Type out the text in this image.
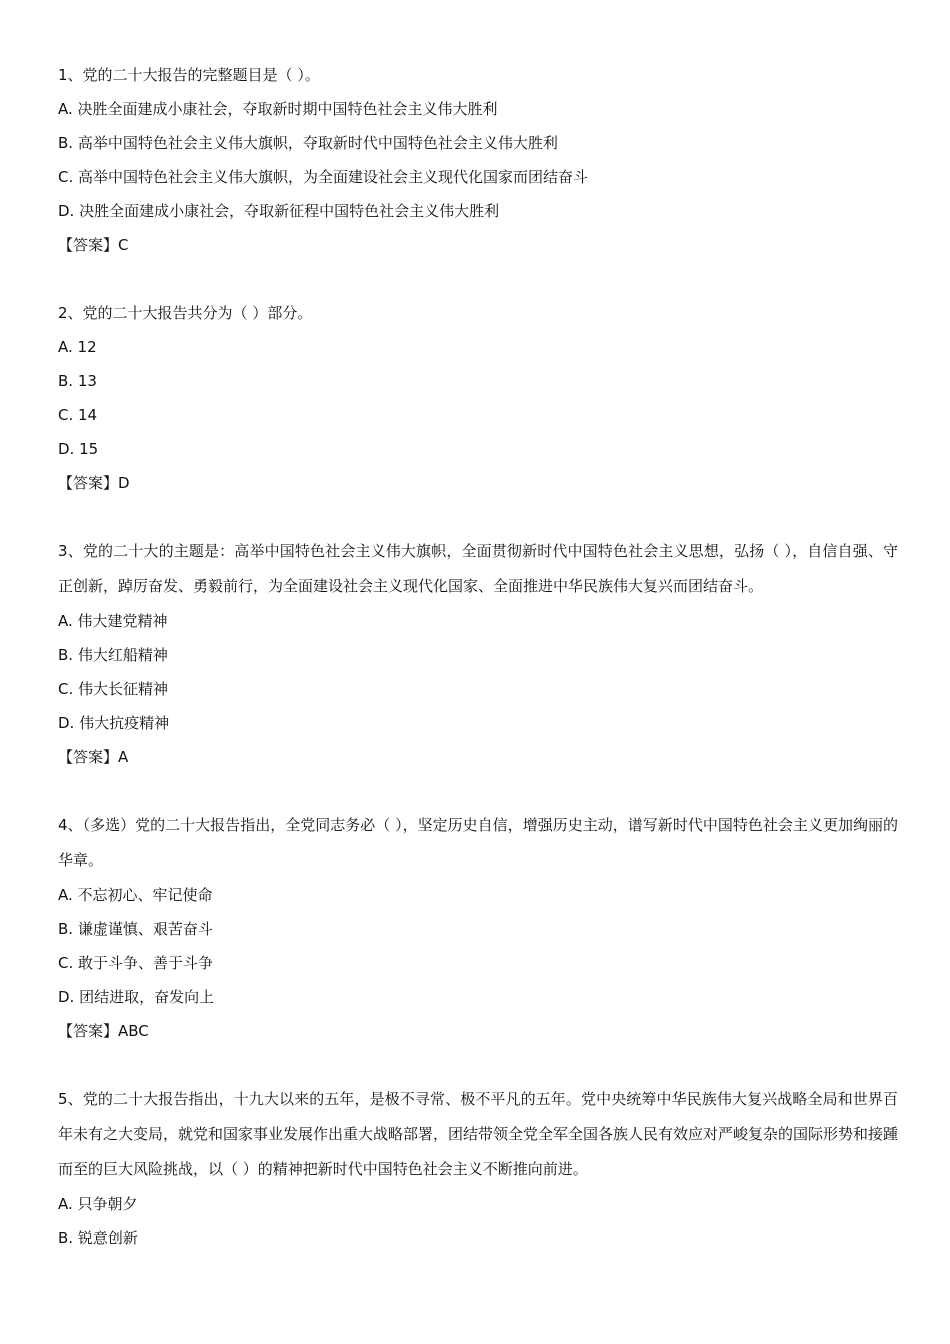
1、党的二十大报告的完整题目是（ ）。
A. 决胜全面建成小康社会，夺取新时期中国特色社会主义伟大胜利
B. 高举中国特色社会主义伟大旗帜，夺取新时代中国特色社会主义伟大胜利
C. 高举中国特色社会主义伟大旗帜，为全面建设社会主义现代化国家而团结奋斗
D. 决胜全面建成小康社会，夺取新征程中国特色社会主义伟大胜利
【答案】C
2、党的二十大报告共分为（ ）部分。
A. 12
B. 13
C. 14
D. 15
【答案】D
3、党的二十大的主题是：高举中国特色社会主义伟大旗帜，全面贯彻新时代中国特色社会主义思想，弘扬（ ），自信自强、守正创新，踔厉奋发、勇毅前行，为全面建设社会主义现代化国家、全面推进中华民族伟大复兴而团结奋斗。
A. 伟大建党精神
B. 伟大红船精神
C. 伟大长征精神
D. 伟大抗疫精神
【答案】A
4、（多选）党的二十大报告指出，全党同志务必（ ），坚定历史自信，增强历史主动，谱写新时代中国特色社会主义更加绚丽的华章。
A. 不忘初心、牢记使命
B. 谦虚谨慎、艰苦奋斗
C. 敢于斗争、善于斗争
D. 团结进取，奋发向上
【答案】ABC
5、党的二十大报告指出，十九大以来的五年，是极不寻常、极不平凡的五年。党中央统筹中华民族伟大复兴战略全局和世界百年未有之大变局，就党和国家事业发展作出重大战略部署，团结带领全党全军全国各族人民有效应对严峻复杂的国际形势和接踵而至的巨大风险挑战，以（ ）的精神把新时代中国特色社会主义不断推向前进。
A. 只争朝夕
B. 锐意创新
